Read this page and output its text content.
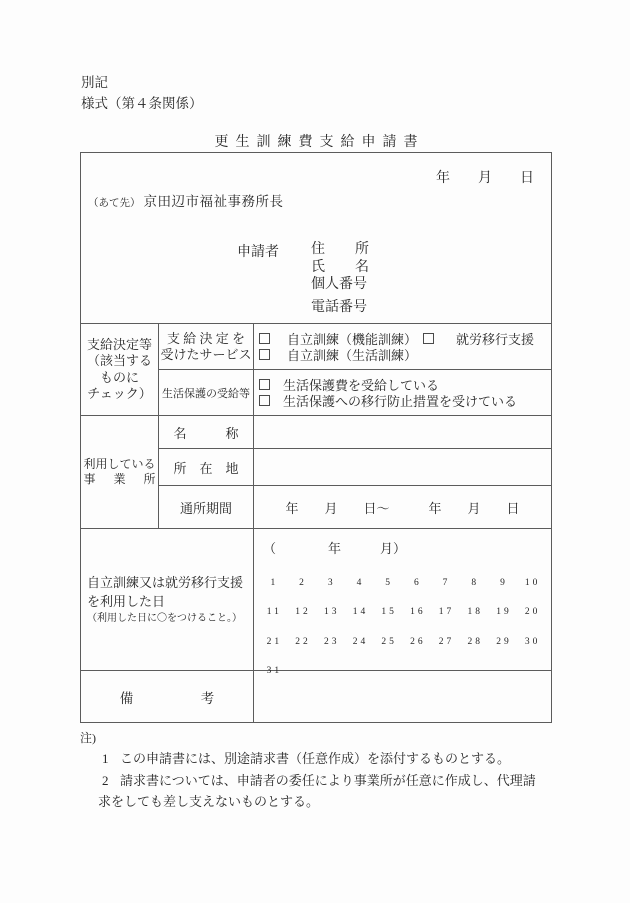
別記
様式（第４条関係）
更生訓練費支給申請書
年　　月　　日
（あて先） 京田辺市福祉事務所長
申請者 住　　所
氏　　名
個人番号
電話番号
支給決定等
（該当する
ものに
チェック）
支 給 決 定 を
受けたサービス
自立訓練（機能訓練）	就労移行支援
自立訓練（生活訓練）
生活保護の受給等
生活保護費を受給している
生活保護への移行防止措置を受けている
利用している
事　業　所
名　　　称
所　在　地
通所期間	年　　月　　日～　　　年　　月　　日
自立訓練又は就労移行支援
を利用した日
（利用した日に〇をつけること。）
（　　　　年　　　月）
1	2	3	4	5	6	7	8	9	10
11	12	13	14	15	16	17	18	19	20
21	22	23	24	25	26	27	28	29	30
31
備　　　　　考
注)
1 この申請書には、別途請求書（任意作成）を添付するものとする。
2 請求書については、申請者の委任により事業所が任意に作成し、代理請
求をしても差し支えないものとする。
